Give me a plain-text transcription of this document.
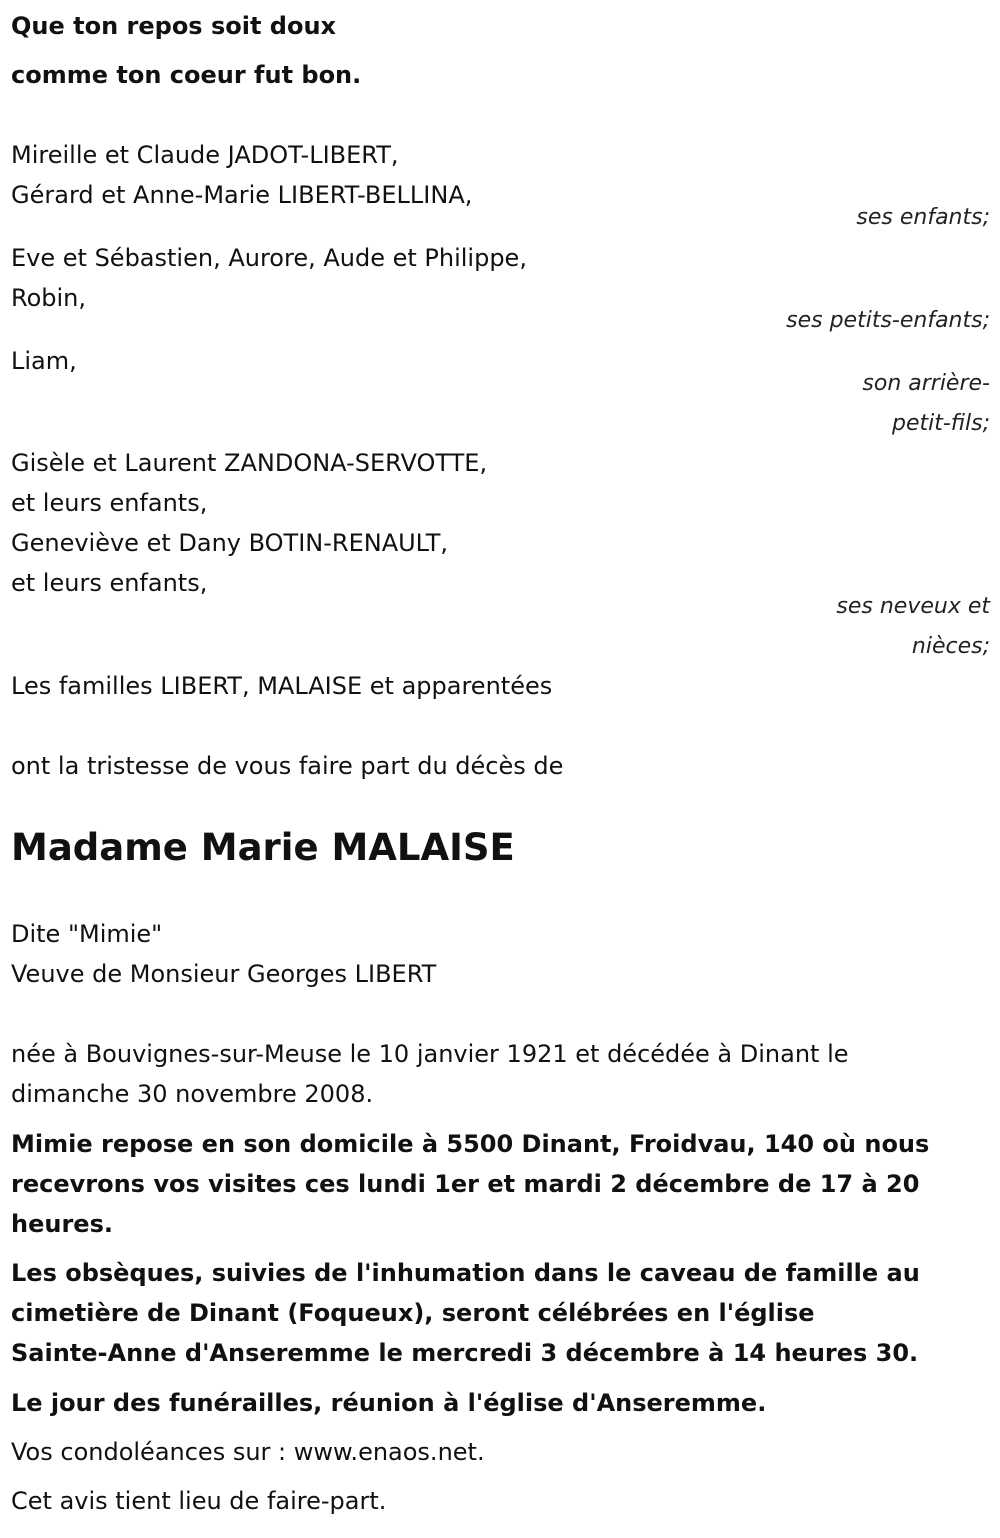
Que ton repos soit doux

comme ton coeur fut bon.

Mireille et Claude JADOT-LIBERT,

Gérard et Anne-Marie LIBERT-BELLINA,

ses enfants;

Eve et Sébastien, Aurore, Aude et Philippe,

Robin,

ses petits-enfants;

Liam,

son arrière-

petit-fils;

Gisèle et Laurent ZANDONA-SERVOTTE,

et leurs enfants,

Geneviève et Dany BOTIN-RENAULT,

et leurs enfants,

ses neveux et

nièces;

Les familles LIBERT, MALAISE et apparentées

ont la tristesse de vous faire part du décès de

Madame Marie MALAISE

Dite "Mimie"

Veuve de Monsieur Georges LIBERT

née à Bouvignes-sur-Meuse le 10 janvier 1921 et décédée à Dinant le

dimanche 30 novembre 2008.

Mimie repose en son domicile à 5500 Dinant, Froidvau, 140 où nous

recevrons vos visites ces lundi 1er et mardi 2 décembre de 17 à 20

heures.

Les obsèques, suivies de l'inhumation dans le caveau de famille au

cimetière de Dinant (Foqueux), seront célébrées en l'église

Sainte-Anne d'Anseremme le mercredi 3 décembre à 14 heures 30.

Le jour des funérailles, réunion à l'église d'Anseremme.

Vos condoléances sur : www.enaos.net.

Cet avis tient lieu de faire-part.
